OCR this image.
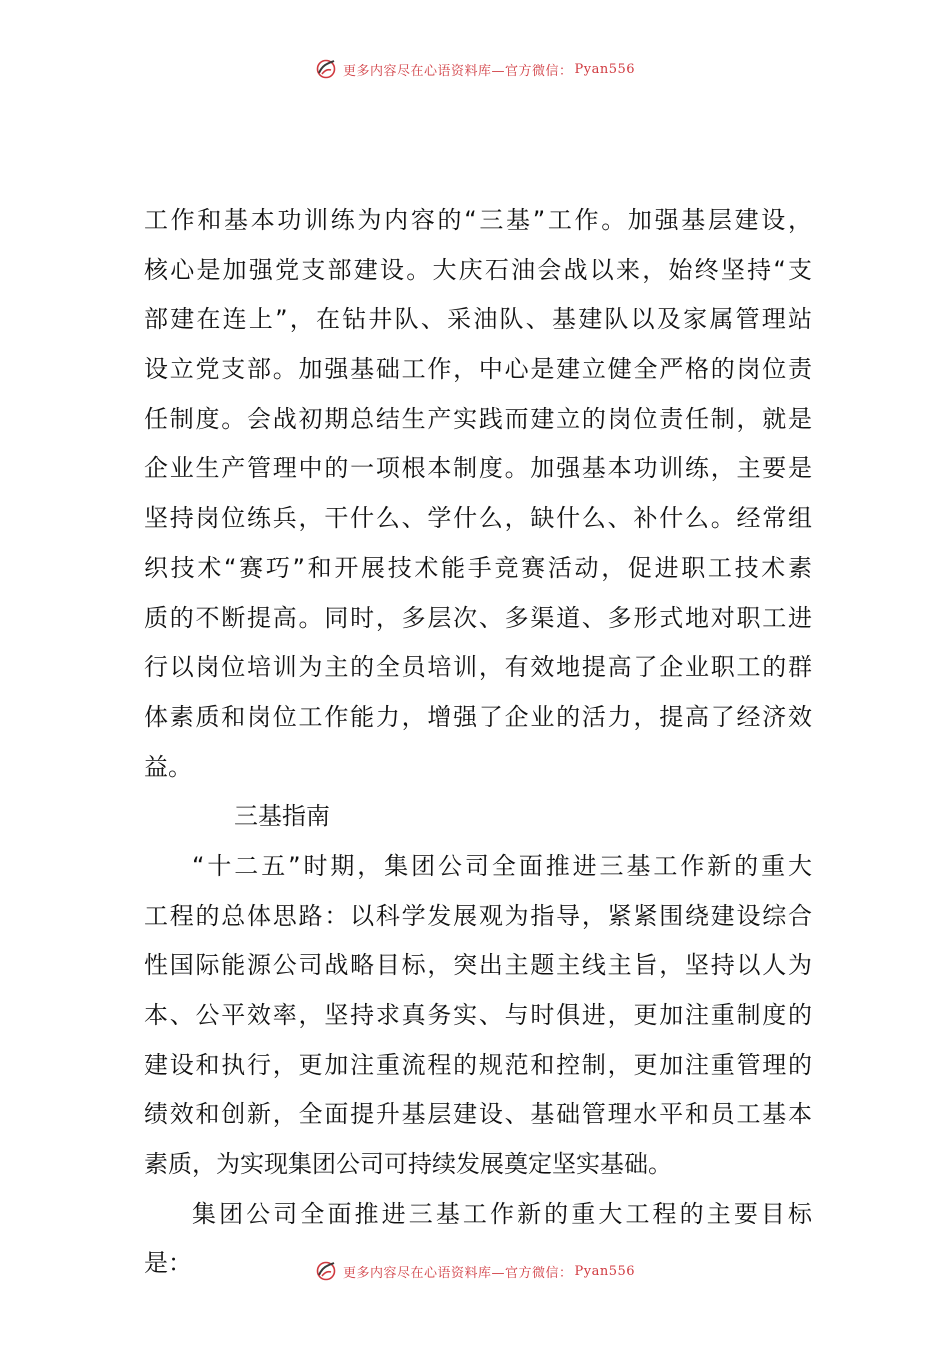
更多内容尽在心语资料库—官方微信： Pyan556
工作和基本功训练为内容的“三基”工作。加强基层建设，
核心是加强党支部建设。大庆石油会战以来，始终坚持“支
部建在连上”，在钻井队、采油队、基建队以及家属管理站
设立党支部。加强基础工作，中心是建立健全严格的岗位责
任制度。会战初期总结生产实践而建立的岗位责任制，就是
企业生产管理中的一项根本制度。加强基本功训练，主要是
坚持岗位练兵，干什么、学什么，缺什么、补什么。经常组
织技术“赛巧”和开展技术能手竞赛活动，促进职工技术素
质的不断提高。同时，多层次、多渠道、多形式地对职工进
行以岗位培训为主的全员培训，有效地提高了企业职工的群
体素质和岗位工作能力，增强了企业的活力，提高了经济效
益。
三基指南
“十二五”时期，集团公司全面推进三基工作新的重大
工程的总体思路：以科学发展观为指导，紧紧围绕建设综合
性国际能源公司战略目标，突出主题主线主旨，坚持以人为
本、公平效率，坚持求真务实、与时俱进，更加注重制度的
建设和执行，更加注重流程的规范和控制，更加注重管理的
绩效和创新，全面提升基层建设、基础管理水平和员工基本
素质，为实现集团公司可持续发展奠定坚实基础。
集团公司全面推进三基工作新的重大工程的主要目标
是：	更多内容尽在心语资料库—官方微信： Pyan556
